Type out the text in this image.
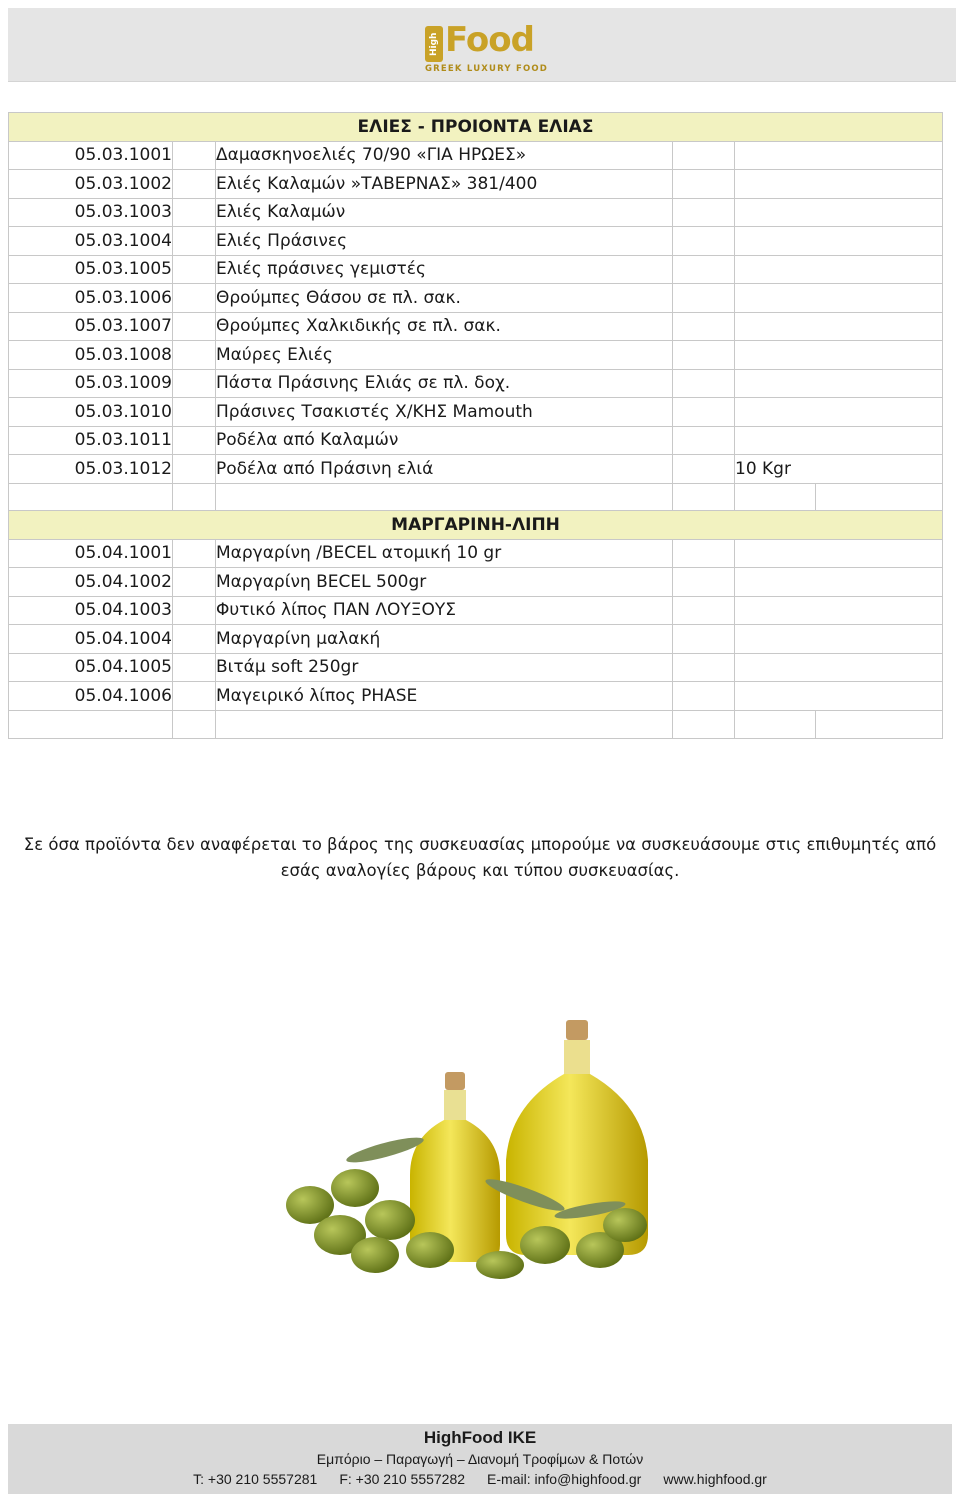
High Food
GREEK LUXURY FOOD
ΕΛΙΕΣ - ΠΡΟΙΟΝΤΑ ΕΛΙΑΣ					
05.03.1001		Δαμασκηνοελιές 70/90 «ΓΙΑ ΗΡΩΕΣ»			
05.03.1002		Ελιές Καλαμών »ΤΑΒΕΡΝΑΣ» 381/400			
05.03.1003		Ελιές Καλαμών			
05.03.1004		Ελιές Πράσινες			
05.03.1005		Ελιές πράσινες γεμιστές			
05.03.1006		Θρούμπες Θάσου σε πλ. σακ.			
05.03.1007		Θρούμπες Χαλκιδικής σε πλ. σακ.			
05.03.1008		Μαύρες Ελιές			
05.03.1009		Πάστα Πράσινης Ελιάς σε πλ. δοχ.			
05.03.1010		Πράσινες Τσακιστές Χ/ΚΗΣ Mamouth			
05.03.1011		Ροδέλα από Καλαμών			
05.03.1012		Ροδέλα από Πράσινη ελιά		10 Kgr	

ΜΑΡΓΑΡΙΝΗ-ΛΙΠΗ					
05.04.1001		Μαργαρίνη /BECEL ατομική 10 gr			
05.04.1002		Μαργαρίνη BECEL 500gr			
05.04.1003		Φυτικό λίπος ΠΑΝ ΛΟΥΞΟΥΣ			
05.04.1004		Μαργαρίνη μαλακή			
05.04.1005		Βιτάμ soft 250gr			
05.04.1006		Μαγειρικό λίπος PHASE			

Σε όσα προϊόντα δεν αναφέρεται το βάρος της συσκευασίας μπορούμε να συσκευάσουμε στις επιθυμητές από
εσάς αναλογίες βάρους και τύπου συσκευασίας.
HighFood IKE
Εμπόριο – Παραγωγή – Διανομή Τροφίμων & Ποτών
T: +30 210 5557281 F: +30 210 5557282 E-mail: info@highfood.gr www.highfood.gr
